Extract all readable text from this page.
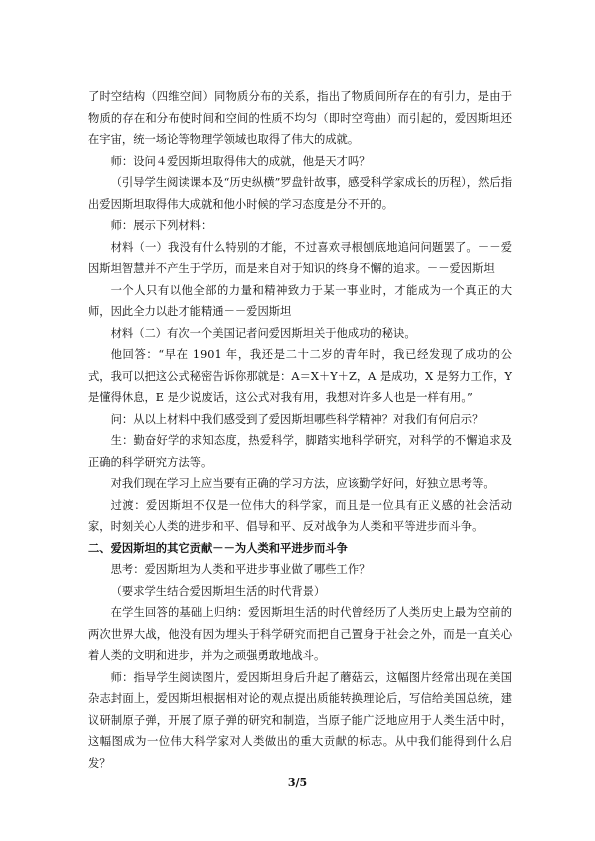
了时空结构（四维空间）同物质分布的关系，指出了物质间所存在的有引力，是由于物质的存在和分布使时间和空间的性质不均匀（即时空弯曲）而引起的，爱因斯坦还在宇宙，统一场论等物理学领域也取得了伟大的成就。

师：设问４爱因斯坦取得伟大的成就，他是天才吗？

（引导学生阅读课本及“历史纵横”罗盘针故事，感受科学家成长的历程），然后指出爱因斯坦取得伟大成就和他小时候的学习态度是分不开的。

师：展示下列材料：

材料（一）我没有什么特别的才能，不过喜欢寻根刨底地追问问题罢了。－－爱因斯坦智慧并不产生于学历，而是来自对于知识的终身不懈的追求。－－爱因斯坦

一个人只有以他全部的力量和精神致力于某一事业时，才能成为一个真正的大师，因此全力以赴才能精通－－爱因斯坦

材料（二）有次一个美国记者问爱因斯坦关于他成功的秘诀。

他回答：“早在 1901 年，我还是二十二岁的青年时，我已经发现了成功的公式，我可以把这公式秘密告诉你那就是：A＝X＋Y＋Z，A 是成功，X 是努力工作，Y 是懂得休息，E 是少说废话，这公式对我有用，我想对许多人也是一样有用。”

问：从以上材料中我们感受到了爱因斯坦哪些科学精神？对我们有何启示？

生：勤奋好学的求知态度，热爱科学，脚踏实地科学研究，对科学的不懈追求及正确的科学研究方法等。

对我们现在学习上应当要有正确的学习方法，应该勤学好问，好独立思考等。

过渡：爱因斯坦不仅是一位伟大的科学家，而且是一位具有正义感的社会活动家，时刻关心人类的进步和平、倡导和平、反对战争为人类和平等进步而斗争。

二、爱因斯坦的其它贡献－－为人类和平进步而斗争

思考：爱因斯坦为人类和平进步事业做了哪些工作？

（要求学生结合爱因斯坦生活的时代背景）

在学生回答的基础上归纳：爱因斯坦生活的时代曾经历了人类历史上最为空前的两次世界大战，他没有因为埋头于科学研究而把自己置身于社会之外，而是一直关心着人类的文明和进步，并为之顽强勇敢地战斗。

师：指导学生阅读图片，爱因斯坦身后升起了蘑菇云，这幅图片经常出现在美国杂志封面上，爱因斯坦根据相对论的观点提出质能转换理论后，写信给美国总统，建议研制原子弹，开展了原子弹的研究和制造，当原子能广泛地应用于人类生活中时，这幅图成为一位伟大科学家对人类做出的重大贡献的标志。从中我们能得到什么启发？

3/5
